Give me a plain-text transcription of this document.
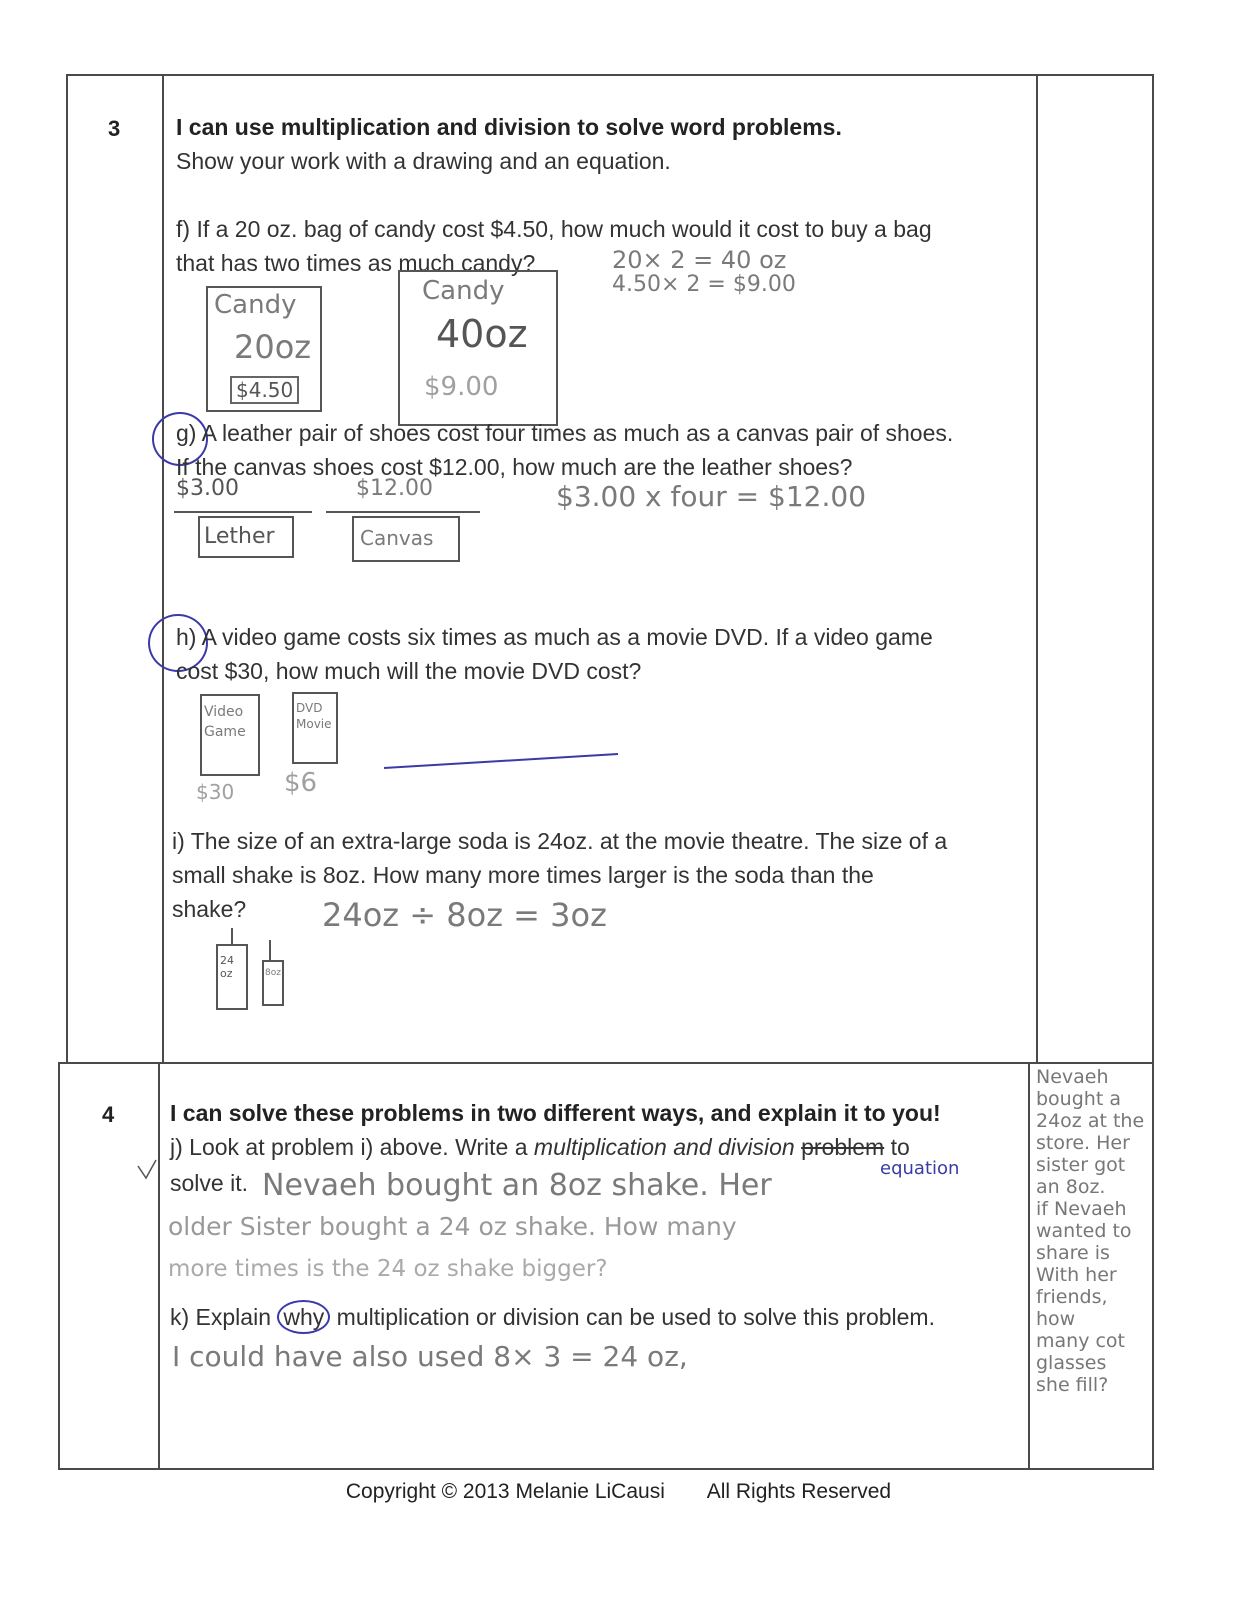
3 I can use multiplication and division to solve word problems.
Show your work with a drawing and an equation.
f) If a 20 oz. bag of candy cost $4.50, how much would it cost to buy a bag
that has two times as much candy?	20× 2 = 40 oz
4.50× 2 = $9.00
Candy
20oz
$4.50
Candy
40oz
$9.00
g) A leather pair of shoes cost four times as much as a canvas pair of shoes.
If the canvas shoes cost $12.00, how much are the leather shoes?
$3.00	$12.00	$3.00 x four = $12.00
Lether	Canvas
h) A video game costs six times as much as a movie DVD. If a video game
cost $30, how much will the movie DVD cost?
Video Game
DVD Movie
$30 $6
i) The size of an extra-large soda is 24oz. at the movie theatre. The size of a
small shake is 8oz. How many more times larger is the soda than the
shake? 24oz ÷ 8oz = 3oz
24 oz	8oz
4 I can solve these problems in two different ways, and explain it to you!
j) Look at problem i) above. Write a multiplication and division problem to
equation
solve it. Nevaeh bought an 8oz shake. Her
older Sister bought a 24 oz shake. How many
more times is the 24 oz shake bigger?
k) Explain why multiplication or division can be used to solve this problem.
I could have also used 8× 3 = 24 oz,
Nevaeh
bought a
24oz at the
store. Her
sister got
an 8oz.
if Nevaeh
wanted to
share is
With her
friends, how
many cot
glasses
she fill?
Copyright © 2013 Melanie LiCausi All Rights Reserved
